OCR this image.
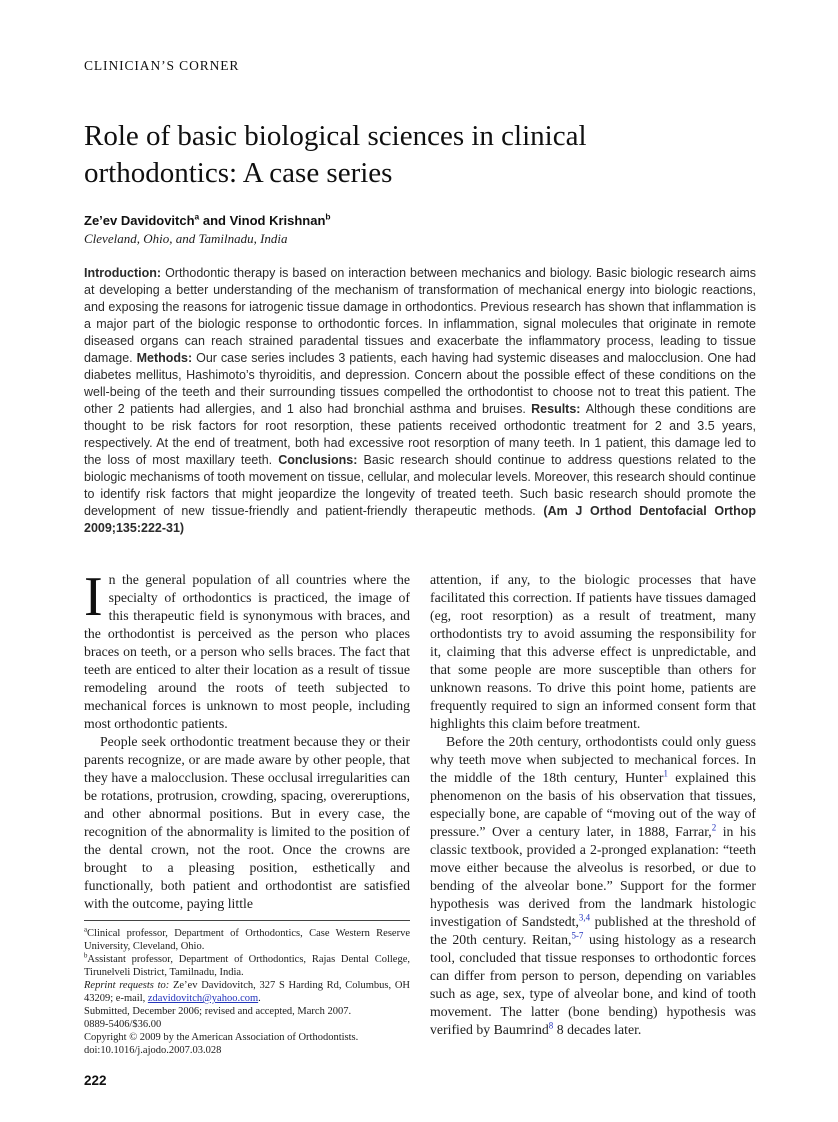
CLINICIAN’S CORNER
Role of basic biological sciences in clinical orthodontics: A case series
Ze’ev Davidovitch$^a$ and Vinod Krishnan$^b$
Cleveland, Ohio, and Tamilnadu, India
Introduction: Orthodontic therapy is based on interaction between mechanics and biology. Basic biologic research aims at developing a better understanding of the mechanism of transformation of mechanical energy into biologic reactions, and exposing the reasons for iatrogenic tissue damage in orthodontics. Previous research has shown that inflammation is a major part of the biologic response to orthodontic forces. In inflammation, signal molecules that originate in remote diseased organs can reach strained paradental tissues and exacerbate the inflammatory process, leading to tissue damage. Methods: Our case series includes 3 patients, each having had systemic diseases and malocclusion. One had diabetes mellitus, Hashimoto’s thyroiditis, and depression. Concern about the possible effect of these conditions on the well-being of the teeth and their surrounding tissues compelled the orthodontist to choose not to treat this patient. The other 2 patients had allergies, and 1 also had bronchial asthma and bruises. Results: Although these conditions are thought to be risk factors for root resorption, these patients received orthodontic treatment for 2 and 3.5 years, respectively. At the end of treatment, both had excessive root resorption of many teeth. In 1 patient, this damage led to the loss of most maxillary teeth. Conclusions: Basic research should continue to address questions related to the biologic mechanisms of tooth movement on tissue, cellular, and molecular levels. Moreover, this research should continue to identify risk factors that might jeopardize the longevity of treated teeth. Such basic research should promote the development of new tissue-friendly and patient-friendly therapeutic methods. (Am J Orthod Dentofacial Orthop 2009;135:222-31)

In the general population of all countries where the specialty of orthodontics is practiced, the image of this therapeutic field is synonymous with braces, and the orthodontist is perceived as the person who places braces on teeth, or a person who sells braces. The fact that teeth are enticed to alter their location as a result of tissue remodeling around the roots of teeth subjected to mechanical forces is unknown to most people, including most orthodontic patients.

People seek orthodontic treatment because they or their parents recognize, or are made aware by other people, that they have a malocclusion. These occlusal irregularities can be rotations, protrusion, crowding, spacing, overeruptions, and other abnormal positions. But in every case, the recognition of the abnormality is limited to the position of the dental crown, not the root. Once the crowns are brought to a pleasing position, esthetically and functionally, both patient and orthodontist are satisfied with the outcome, paying little

$^a$Clinical professor, Department of Orthodontics, Case Western Reserve University, Cleveland, Ohio.

$^b$Assistant professor, Department of Orthodontics, Rajas Dental College, Tirunelveli District, Tamilnadu, India.

Reprint requests to: Ze’ev Davidovitch, 327 S Harding Rd, Columbus, OH 43209; e-mail, zdavidovitch@yahoo.com.

Submitted, December 2006; revised and accepted, March 2007.

0889-5406/$36.00

Copyright © 2009 by the American Association of Orthodontists.

doi:10.1016/j.ajodo.2007.03.028

attention, if any, to the biologic processes that have facilitated this correction. If patients have tissues damaged (eg, root resorption) as a result of treatment, many orthodontists try to avoid assuming the responsibility for it, claiming that this adverse effect is unpredictable, and that some people are more susceptible than others for unknown reasons. To drive this point home, patients are frequently required to sign an informed consent form that highlights this claim before treatment.

Before the 20th century, orthodontists could only guess why teeth move when subjected to mechanical forces. In the middle of the 18th century, Hunter$^1$ explained this phenomenon on the basis of his observation that tissues, especially bone, are capable of “moving out of the way of pressure.” Over a century later, in 1888, Farrar,$^2$ in his classic textbook, provided a 2-pronged explanation: “teeth move either because the alveolus is resorbed, or due to bending of the alveolar bone.” Support for the former hypothesis was derived from the landmark histologic investigation of Sandstedt,$^{3,4}$ published at the threshold of the 20th century. Reitan,$^{5-7}$ using histology as a research tool, concluded that tissue responses to orthodontic forces can differ from person to person, depending on variables such as age, sex, type of alveolar bone, and kind of tooth movement. The latter (bone bending) hypothesis was verified by Baumrind$^8$ 8 decades later.

222
